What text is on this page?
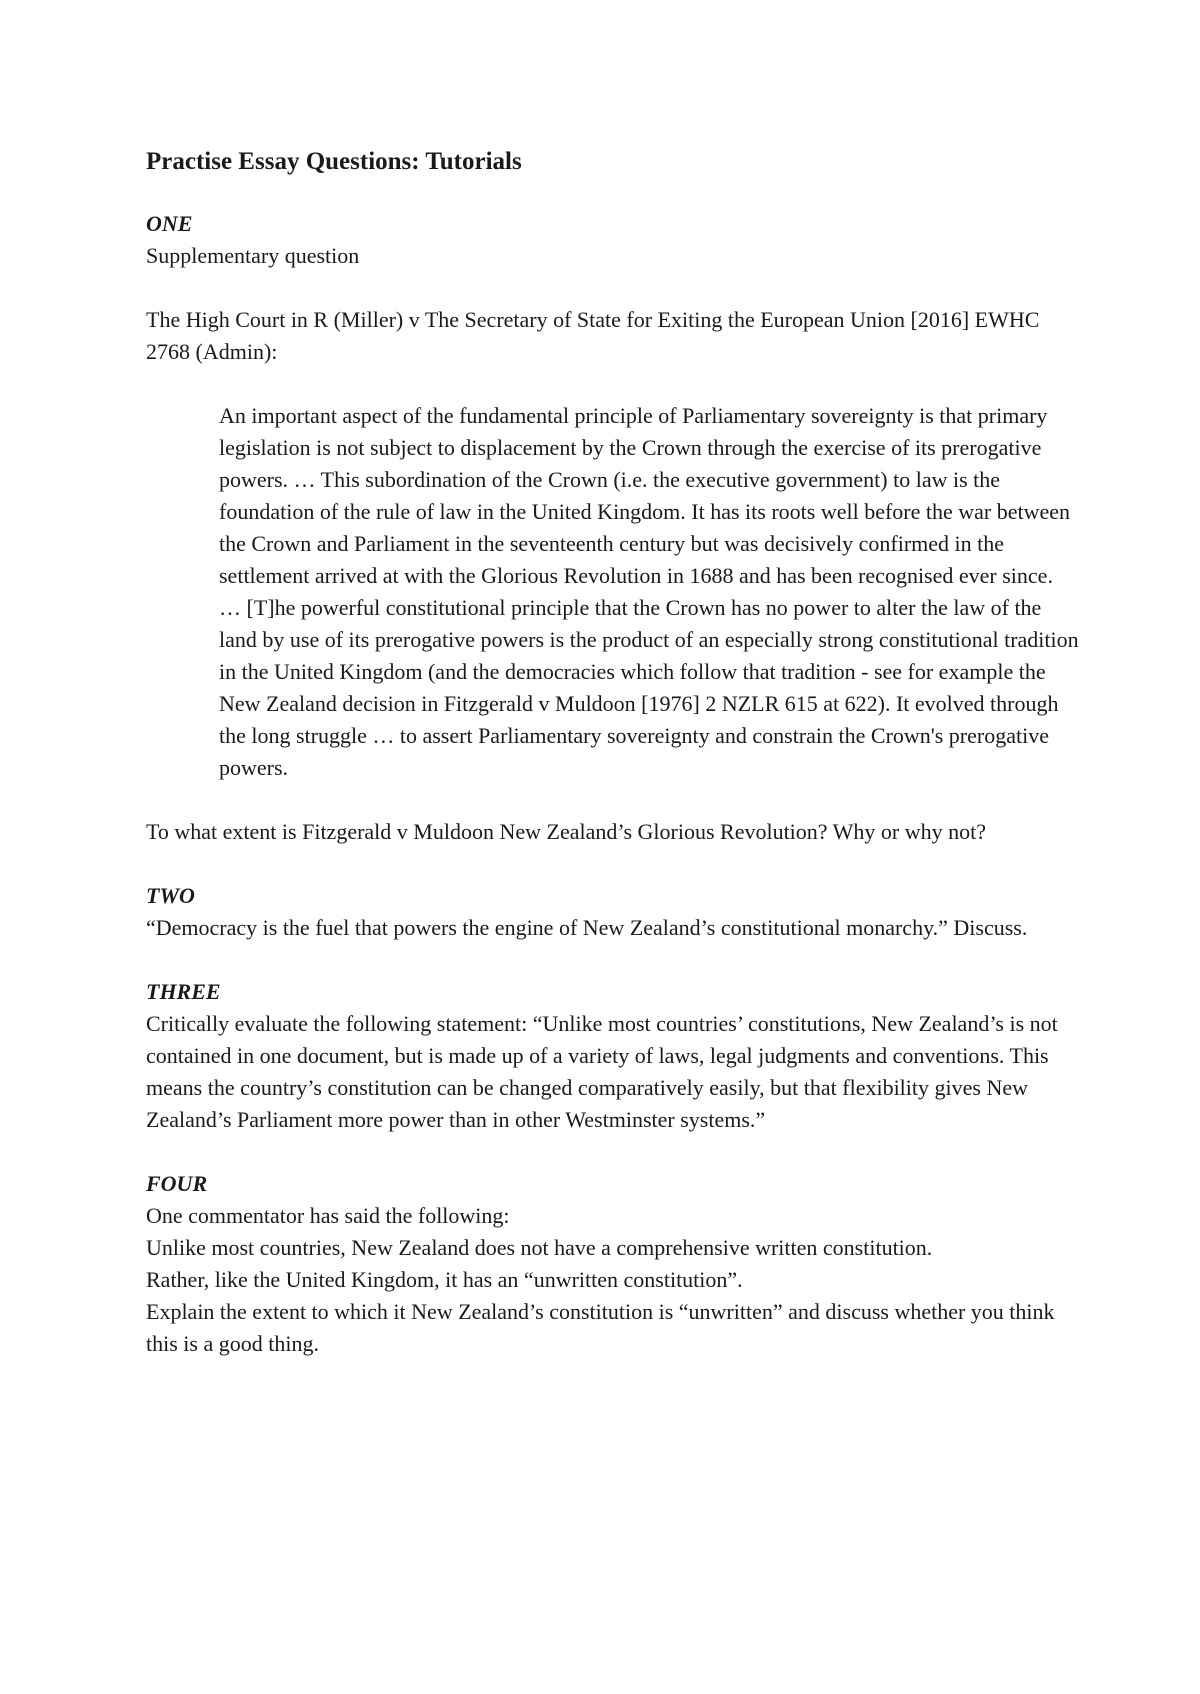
Practise Essay Questions: Tutorials

ONE

Supplementary question

The High Court in R (Miller) v The Secretary of State for Exiting the European Union [2016] EWHC 2768 (Admin):

An important aspect of the fundamental principle of Parliamentary sovereignty is that primary legislation is not subject to displacement by the Crown through the exercise of its prerogative powers. … This subordination of the Crown (i.e. the executive government) to law is the foundation of the rule of law in the United Kingdom. It has its roots well before the war between the Crown and Parliament in the seventeenth century but was decisively confirmed in the settlement arrived at with the Glorious Revolution in 1688 and has been recognised ever since. … [T]he powerful constitutional principle that the Crown has no power to alter the law of the land by use of its prerogative powers is the product of an especially strong constitutional tradition in the United Kingdom (and the democracies which follow that tradition - see for example the New Zealand decision in Fitzgerald v Muldoon [1976] 2 NZLR 615 at 622). It evolved through the long struggle … to assert Parliamentary sovereignty and constrain the Crown's prerogative powers.

To what extent is Fitzgerald v Muldoon New Zealand’s Glorious Revolution? Why or why not?

TWO

“Democracy is the fuel that powers the engine of New Zealand’s constitutional monarchy.” Discuss.

THREE

Critically evaluate the following statement: “Unlike most countries’ constitutions, New Zealand’s is not contained in one document, but is made up of a variety of laws, legal judgments and conventions. This means the country’s constitution can be changed comparatively easily, but that flexibility gives New Zealand’s Parliament more power than in other Westminster systems.”

FOUR

One commentator has said the following:

Unlike most countries, New Zealand does not have a comprehensive written constitution.

Rather, like the United Kingdom, it has an “unwritten constitution”.

Explain the extent to which it New Zealand’s constitution is “unwritten” and discuss whether you think this is a good thing.
